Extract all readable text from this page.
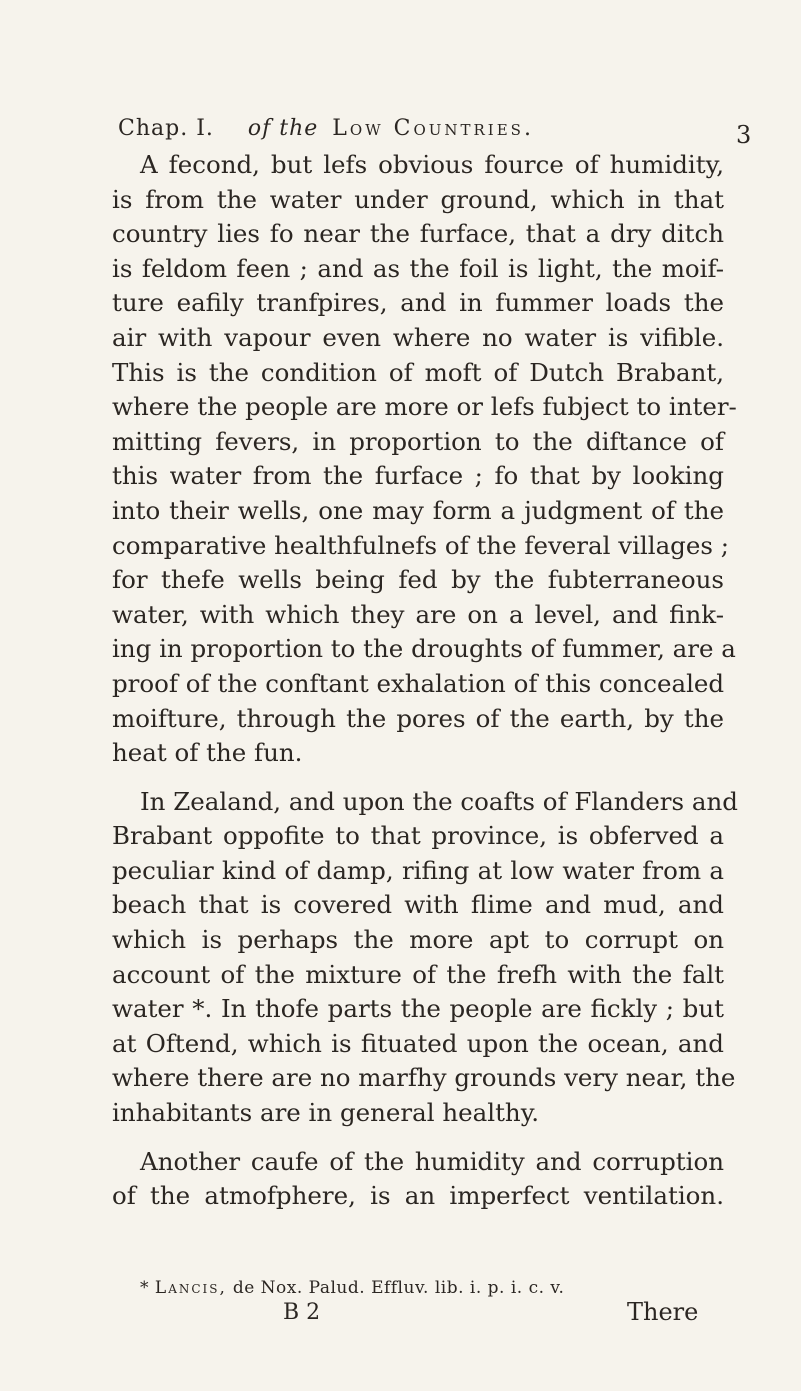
Chap. I. of the Low Countries.	3
A fecond, but lefs obvious fource of humidity,
is from the water under ground, which in that
country lies fo near the furface, that a dry ditch
is feldom feen ; and as the foil is light, the moif-
ture eafily tranfpires, and in fummer loads the
air with vapour even where no water is vifible.
This is the condition of moft of Dutch Brabant,
where the people are more or lefs fubject to inter-
mitting fevers, in proportion to the diftance of
this water from the furface ; fo that by looking
into their wells, one may form a judgment of the
comparative healthfulnefs of the feveral villages ;
for thefe wells being fed by the fubterraneous
water, with which they are on a level, and fink-
ing in proportion to the droughts of fummer, are a
proof of the conftant exhalation of this concealed
moifture, through the pores of the earth, by the
heat of the fun.
In Zealand, and upon the coafts of Flanders and
Brabant oppofite to that province, is obferved a
peculiar kind of damp, rifing at low water from a
beach that is covered with flime and mud, and
which is perhaps the more apt to corrupt on
account of the mixture of the frefh with the falt
water *. In thofe parts the people are fickly ; but
at Oftend, which is fituated upon the ocean, and
where there are no marfhy grounds very near, the
inhabitants are in general healthy.
Another caufe of the humidity and corruption
of the atmofphere, is an imperfect ventilation.
* Lancis, de Nox. Palud. Effluv. lib. i. p. i. c. v.
B 2	There
